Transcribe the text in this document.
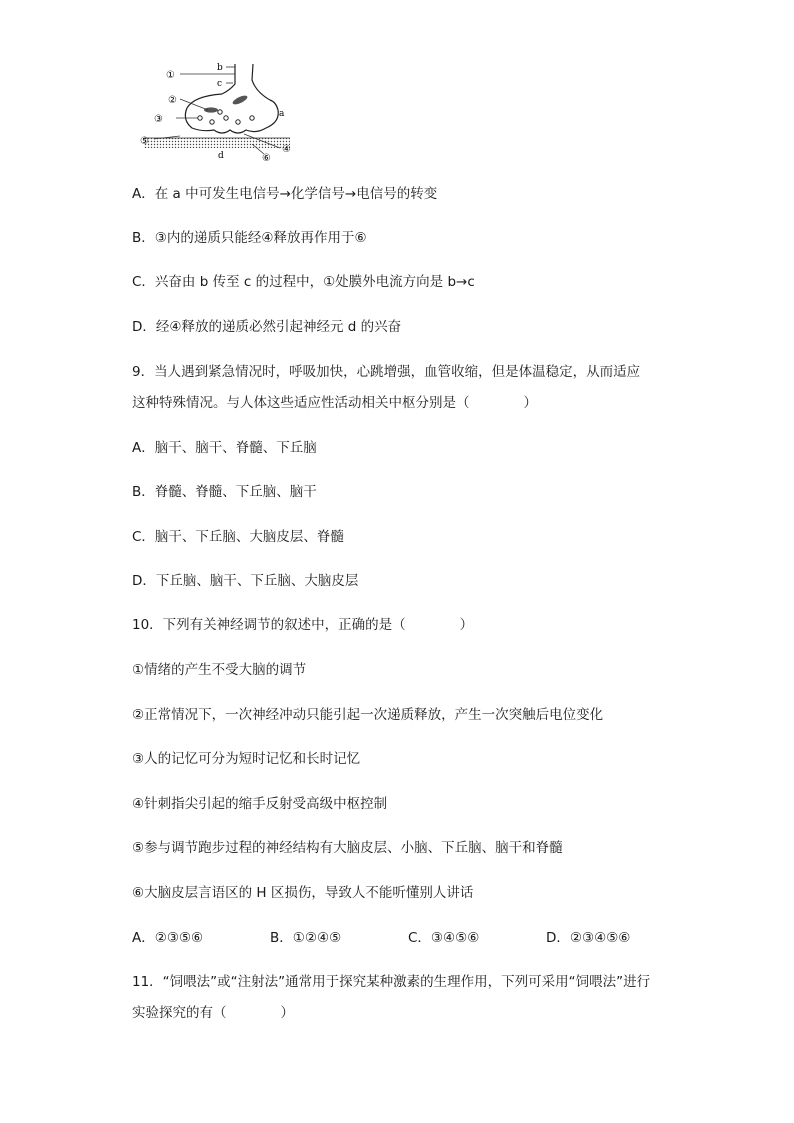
b
c
a
d
①
②
③
⑤
④
⑥
A．在 a 中可发生电信号→化学信号→电信号的转变
B．③内的递质只能经④释放再作用于⑥
C．兴奋由 b 传至 c 的过程中，①处膜外电流方向是 b→c
D．经④释放的递质必然引起神经元 d 的兴奋
9．当人遇到紧急情况时，呼吸加快，心跳增强，血管收缩，但是体温稳定，从而适应
这种特殊情况。与人体这些适应性活动相关中枢分别是（　　　　）
A．脑干、脑干、脊髓、下丘脑
B．脊髓、脊髓、下丘脑、脑干
C．脑干、下丘脑、大脑皮层、脊髓
D．下丘脑、脑干、下丘脑、大脑皮层
10．下列有关神经调节的叙述中，正确的是（　　　　）
①情绪的产生不受大脑的调节
②正常情况下，一次神经冲动只能引起一次递质释放，产生一次突触后电位变化
③人的记忆可分为短时记忆和长时记忆
④针刺指尖引起的缩手反射受高级中枢控制
⑤参与调节跑步过程的神经结构有大脑皮层、小脑、下丘脑、脑干和脊髓
⑥大脑皮层言语区的 H 区损伤，导致人不能听懂别人讲话
A．②③⑤⑥	B．①②④⑤	C．③④⑤⑥	D．②③④⑤⑥
11．“饲喂法”或“注射法”通常用于探究某种激素的生理作用，下列可采用“饲喂法”进行
实验探究的有（　　　　）
